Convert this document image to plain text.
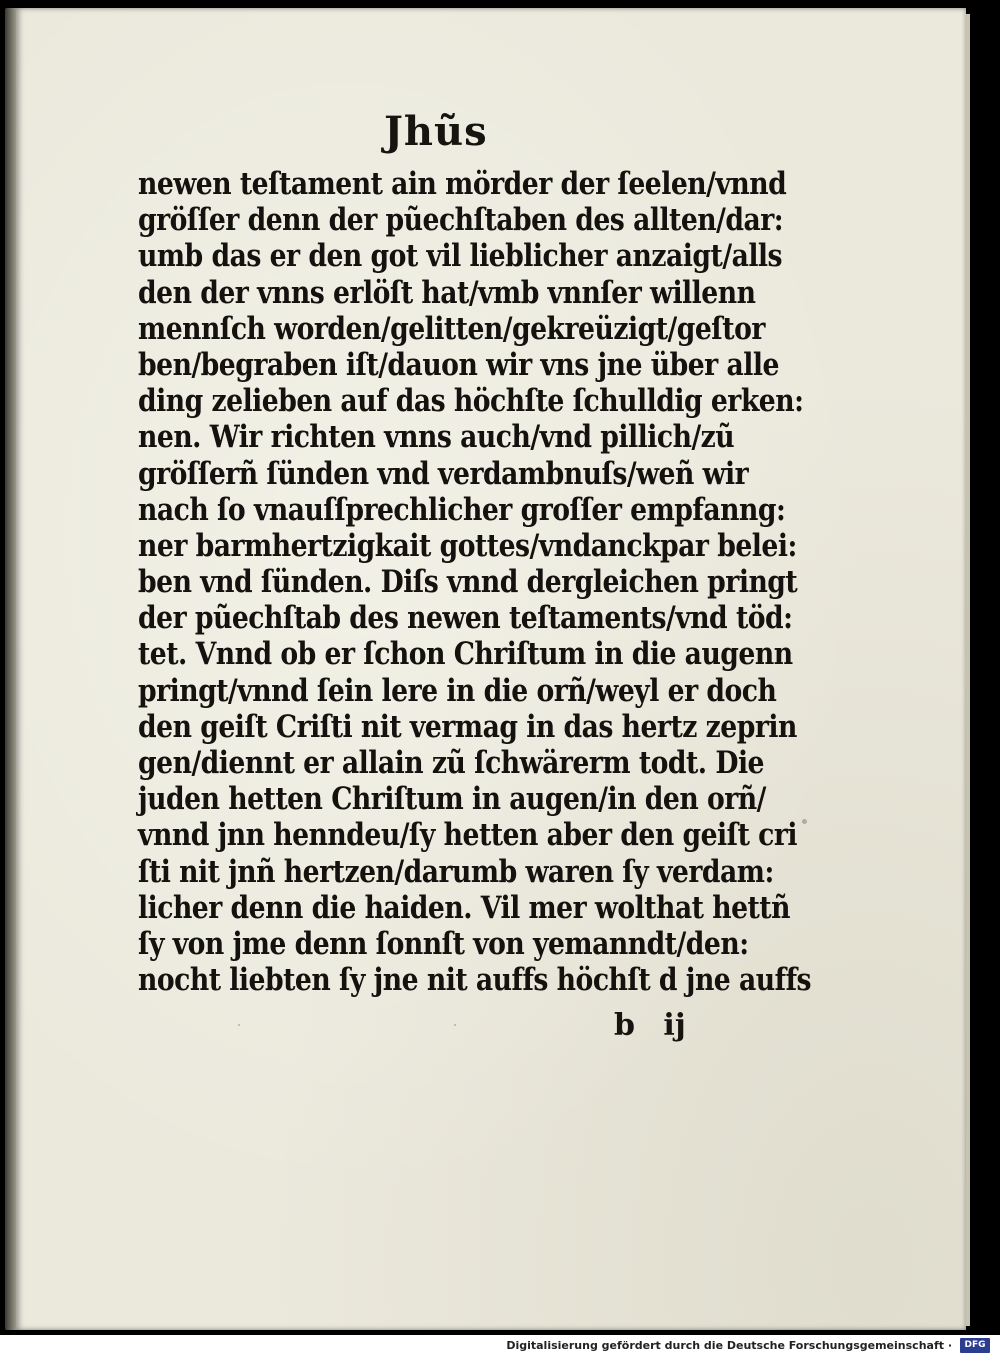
Jhũs
newen teſtament ain mörder der ſeelen/vnnd
gröſſer denn der pũechſtaben des allten/dar:
umb das er den got vil lieblicher anzaigt/alls
den der vnns erlöſt hat/vmb vnnſer willenn
mennſch worden/gelitten/gekreüzigt/geſtor
ben/begraben iſt/dauon wir vns jne über alle
ding zelieben auf das höchſte ſchulldig erken:
nen. Wir richten vnns auch/vnd pillich/zũ
gröſſerñ ſünden vnd verdambnuſs/weñ wir
nach ſo vnauſſprechlicher groſſer empfanng:
ner barmhertzigkait gottes/vndanckpar belei:
ben vnd ſünden. Diſs vnnd dergleichen pringt
der pũechſtab des newen teſtaments/vnd töd:
tet. Vnnd ob er ſchon Chriſtum in die augenn
pringt/vnnd ſein lere in die orñ/weyl er doch
den geiſt Criſti nit vermag in das hertz zeprin
gen/diennt er allain zũ ſchwärerm todt. Die
juden hetten Chriſtum in augen/in den orñ/
vnnd jnn henndeu/ſy hetten aber den geiſt cri
ſti nit jnñ hertzen/darumb waren ſy verdam:
licher denn die haiden. Vil mer wolthat hettñ
ſy von jme denn ſonnſt von yemanndt/den:
nocht liebten ſy jne nit auffs höchſt d jne auffs
b ij
Digitalisierung gefördert durch die Deutsche Forschungsgemeinschaft ·	DFG
